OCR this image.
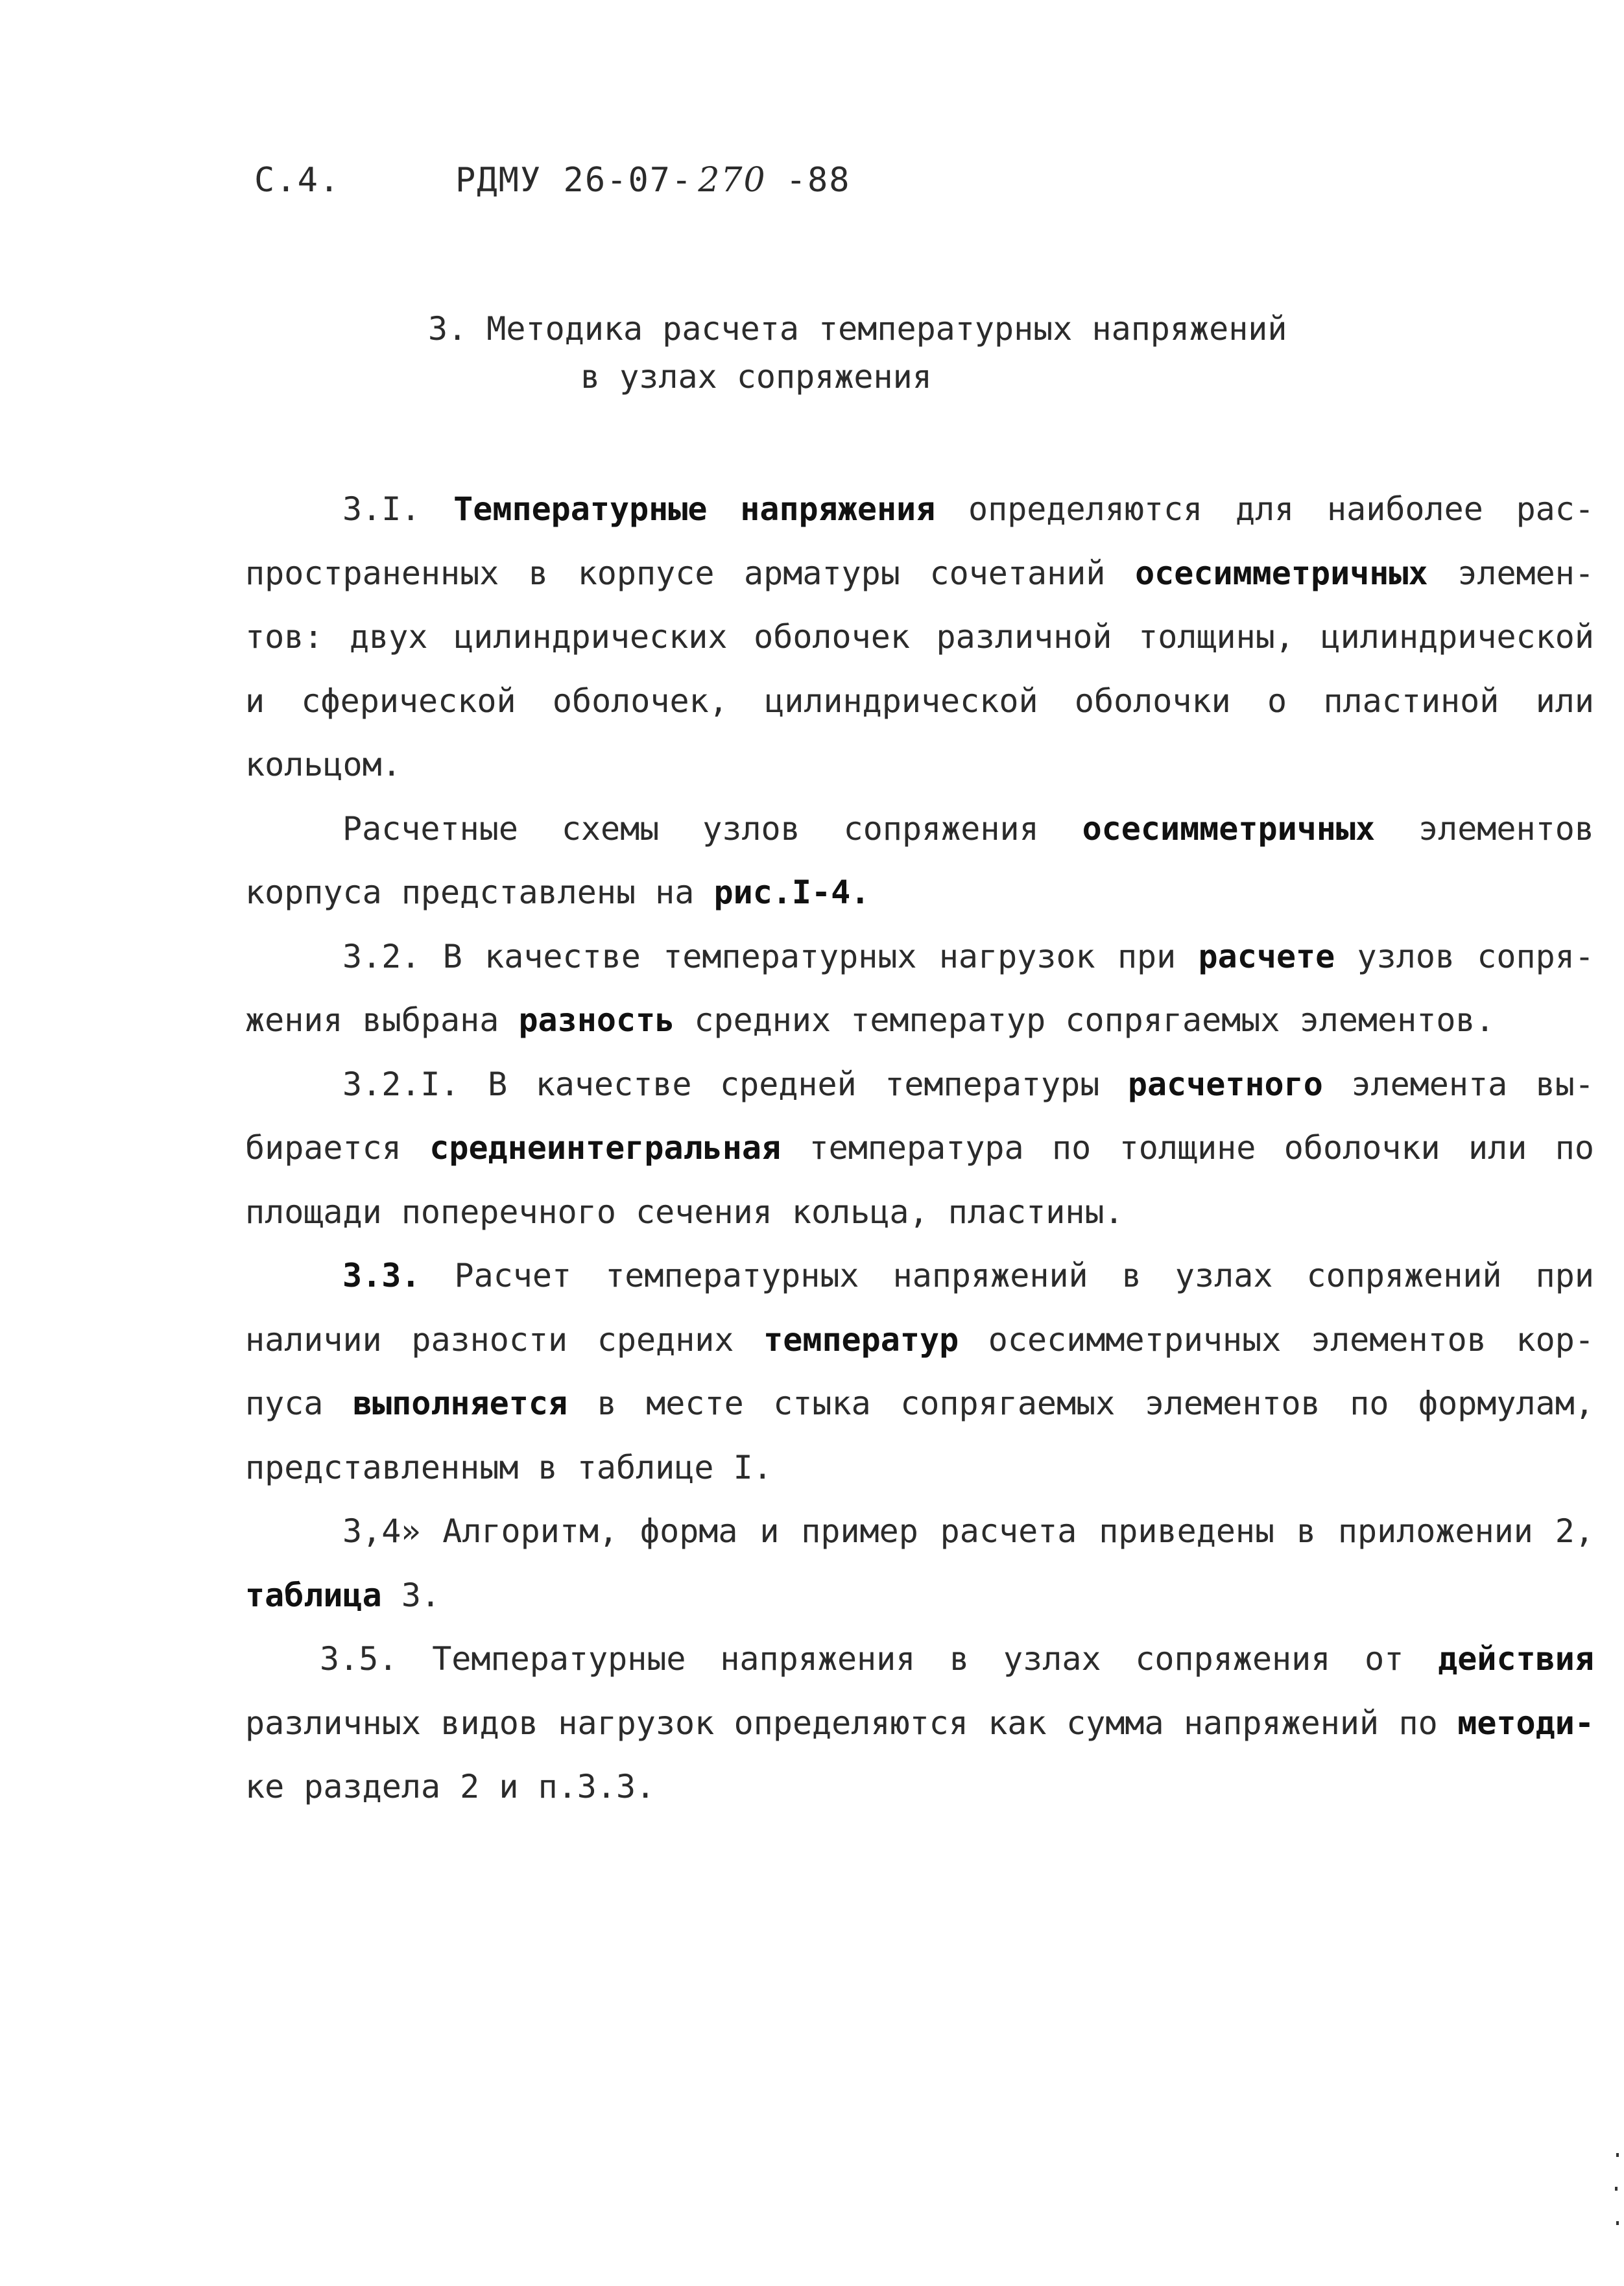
С.4.	РДМУ 26-07- 270 -88
3. Методика расчета температурных напряжений
в узлах сопряжения
3.I. Температурные напряжения определяются для наиболее рас-
пространенных в корпусе арматуры сочетаний осесимметричных элемен-
тов: двух цилиндрических оболочек различной толщины, цилиндрической
и сферической оболочек, цилиндрической оболочки о пластиной или
кольцом.
Расчетные схемы узлов сопряжения осесимметричных элементов
корпуса
представлены
на
рис.I-4.
3.2. В качестве температурных нагрузок при расчете узлов сопря-
жения
выбрана
разность
средних
температур
сопрягаемых
элементов.
3.2.I. В качестве средней температуры расчетного элемента вы-
бирается среднеинтегральная температура по толщине оболочки или по
площади
поперечного
сечения
кольца,
пластины.
3.3. Расчет температурных напряжений в узлах сопряжений при
наличии разности средних температур осесимметричных элементов кор-
пуса выполняется в месте стыка сопрягаемых элементов по формулам,
представленным
в
таблице
I.
3,4» Алгоритм, форма и пример расчета приведены в приложении 2,
таблица
3.
3.5. Температурные напряжения в узлах сопряжения от действия
различных видов нагрузок определяются как сумма напряжений по методи-
ке
раздела
2
и
п.3.3.
